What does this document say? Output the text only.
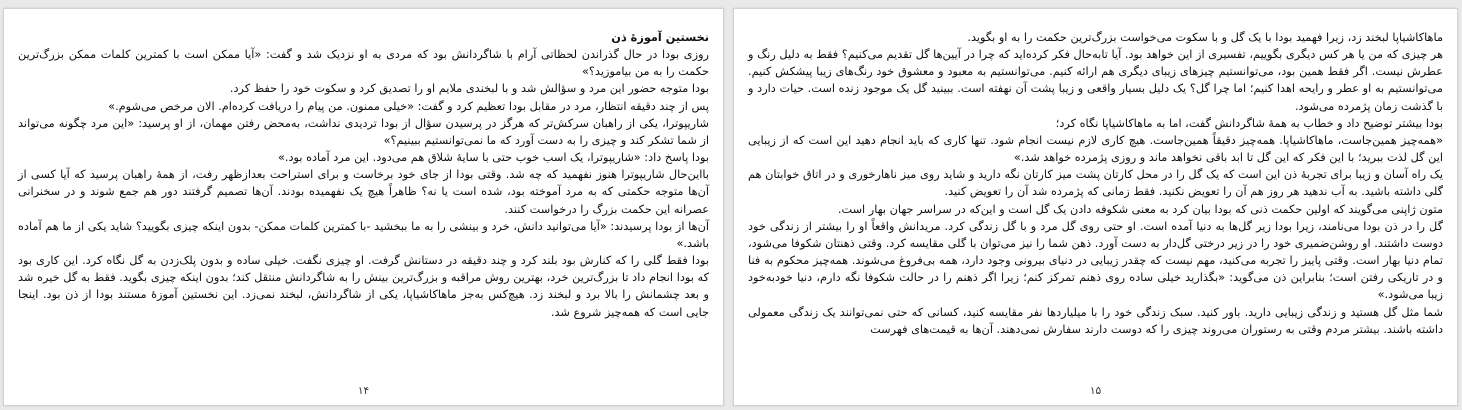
نخستین آموزهٔ ذن

روزی بودا در حال گذراندن لحظاتی آرام با شاگردانش بود که مردی به او نزدیک شد و گفت: «آیا ممکن است با کمترین کلمات ممکن بزرگ‌ترین حکمت را به من بیاموزید؟»

بودا متوجه حضور این مرد و سؤالش شد و با لبخندی ملایم او را تصدیق کرد و سکوت خود را حفظ کرد.

پس از چند دقیقه انتظار، مرد در مقابل بودا تعظیم کرد و گفت: «خیلی ممنون. من پیام را دریافت کرده‌ام. الان مرخص می‌شوم.»

شاریپوترا، یکی از راهبان سرکش‌تر که هرگز در پرسیدن سؤال از بودا تردیدی نداشت، به‌محض رفتن مهمان، از او پرسید: «این مرد چگونه می‌تواند از شما تشکر کند و چیزی را به دست آورد که ما نمی‌توانستیم ببینیم؟»

بودا پاسخ داد: «شاریپوترا، یک اسب خوب حتی با سایهٔ شلاق هم می‌دود. این مرد آماده بود.»

بااین‌حال شاریپوترا هنوز نفهمید که چه شد. وقتی بودا از جای خود برخاست و برای استراحت بعدازظهر رفت، از همهٔ راهبان پرسید که آیا کسی از آن‌ها متوجه حکمتی که به مرد آموخته بود، شده است یا نه؟ ظاهراً هیچ یک نفهمیده بودند. آن‌ها تصمیم گرفتند دور هم جمع شوند و در سخنرانی عصرانه این حکمت بزرگ را درخواست کنند.

آن‌ها از بودا پرسیدند: «آیا می‌توانید دانش، خرد و بینشی را به ما ببخشید -با کمترین کلمات ممکن- بدون اینکه چیزی بگویید؟ شاید یکی از ما هم آماده باشد.»

بودا فقط گلی را که کنارش بود بلند کرد و چند دقیقه در دستانش گرفت. او چیزی نگفت. خیلی ساده و بدون پلک‌زدن به گل نگاه کرد. این کاری بود که بودا انجام داد تا بزرگ‌ترین خرد، بهترین روش مراقبه و بزرگ‌ترین بینش را به شاگردانش منتقل کند؛ بدون اینکه چیزی بگوید. فقط به گل خیره شد و بعد چشمانش را بالا برد و لبخند زد. هیچ‌کس به‌جز ماهاکاشیاپا، یکی از شاگردانش، لبخند نمی‌زد. این نخستین آموزهٔ مستند بودا از ذن بود. اینجا جایی است که همه‌چیز شروع شد.

۱۴

ماهاکاشیاپا لبخند زد، زیرا فهمید بودا با یک گل و با سکوت می‌خواست بزرگ‌ترین حکمت را به او بگوید.

هر چیزی که من یا هر کس دیگری بگوییم، تفسیری از این خواهد بود. آیا تابه‌حال فکر کرده‌اید که چرا در آیین‌ها گل تقدیم می‌کنیم؟ فقط به دلیل رنگ و عطرش نیست. اگر فقط همین بود، می‌توانستیم چیزهای زیبای دیگری هم ارائه کنیم. می‌توانستیم به معبود و معشوق خود رنگ‌های زیبا پیشکش کنیم. می‌توانستیم به او عطر و رایحه اهدا کنیم؛ اما چرا گل؟ یک دلیل بسیار واقعی و زیبا پشت آن نهفته است. ببینید گل یک موجود زنده است. حیات دارد و با گذشت زمان پژمرده می‌شود.

بودا بیشتر توضیح داد و خطاب به همهٔ شاگردانش گفت، اما به ماهاکاشیاپا نگاه کرد؛

«همه‌چیز همین‌جاست، ماهاکاشیاپا. همه‌چیز دقیقاً همین‌جاست. هیچ کاری لازم نیست انجام شود. تنها کاری که باید انجام دهید این است که از زیبایی این گل لذت ببرید؛ با این فکر که این گل تا ابد باقی نخواهد ماند و روزی پژمرده خواهد شد.»

یک راه آسان و زیبا برای تجربهٔ ذن این است که یک گل را در محل کارتان پشت میز کارتان نگه دارید و شاید روی میز ناهارخوری و در اتاق خوابتان هم گلی داشته باشید. به آب ندهید هر روز هم آن را تعویض نکنید. فقط زمانی که پژمرده شد آن را تعویض کنید.

متون ژاپنی می‌گویند که اولین حکمت ذنی که بودا بیان کرد به معنی شکوفه دادن یک گل است و این‌که در سراسر جهان بهار است.

گل را در ذن بودا می‌نامند، زیرا بودا زیر گل‌ها به دنیا آمده است. او حتی روی گل مرد و با گل زندگی کرد. مریدانش واقعاً او را بیشتر از زندگی خود دوست داشتند. او روشن‌ضمیری خود را در زیر درختی گل‌دار به دست آورد. ذهن شما را نیز می‌توان با گلی مقایسه کرد. وقتی ذهنتان شکوفا می‌شود، تمام دنیا بهار است. وقتی پاییز را تجربه می‌کنید، مهم نیست که چقدر زیبایی در دنیای بیرونی وجود دارد، همه بی‌فروغ می‌شوند. همه‌چیز محکوم به فنا و در تاریکی رفتن است؛ بنابراین ذن می‌گوید: «بگذارید خیلی ساده روی ذهنم تمرکز کنم؛ زیرا اگر ذهنم را در حالت شکوفا نگه دارم، دنیا خودبه‌خود زیبا می‌شود.»

شما مثل گل هستید و زندگی زیبایی دارید. باور کنید. سبک زندگی خود را با میلیاردها نفر مقایسه کنید، کسانی که حتی نمی‌توانند یک زندگی معمولی داشته باشند. بیشتر مردم وقتی به رستوران می‌روند چیزی را که دوست دارند سفارش نمی‌دهند. آن‌ها به قیمت‌های فهرست

۱۵
